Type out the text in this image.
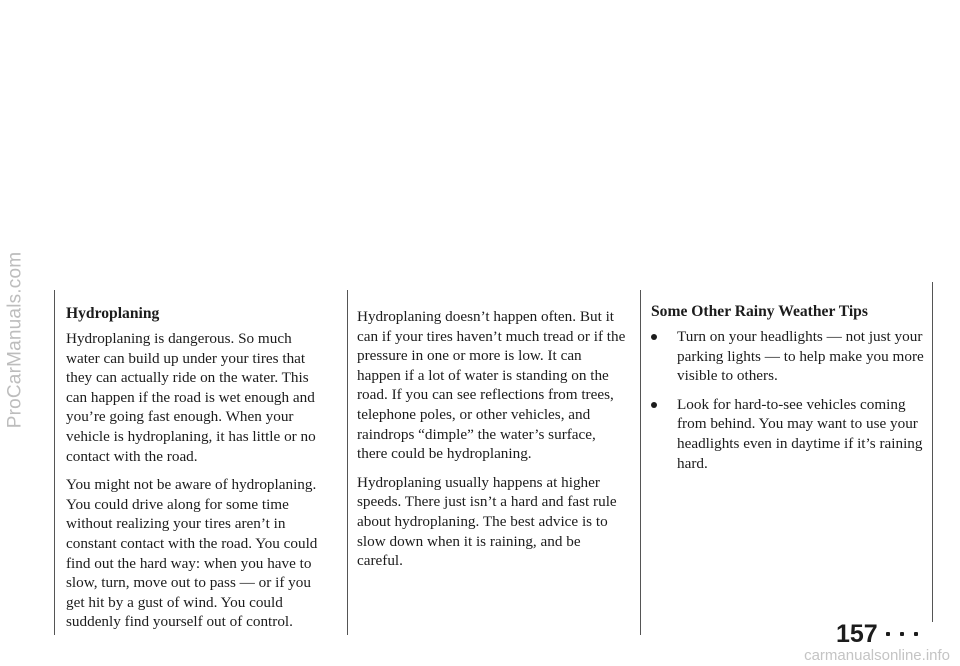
ProCarManuals.com	Hydroplaning

Hydroplaning is dangerous. So much water can build up under your tires that they can actually ride on the water. This can happen if the road is wet enough and you’re going fast enough. When your vehicle is hydroplaning, it has little or no contact with the road.

You might not be aware of hydroplaning. You could drive along for some time without realizing your tires aren’t in constant contact with the road. You could find out the hard way: when you have to slow, turn, move out to pass — or if you get hit by a gust of wind. You could suddenly find yourself out of control.

Hydroplaning doesn’t happen often. But it can if your tires haven’t much tread or if the pressure in one or more is low. It can happen if a lot of water is standing on the road. If you can see reflections from trees, telephone poles, or other vehicles, and raindrops “dimple” the water’s surface, there could be hydroplaning.

Hydroplaning usually happens at higher speeds. There just isn’t a hard and fast rule about hydroplaning. The best advice is to slow down when it is raining, and be careful.

Some Other Rainy Weather Tips
Turn on your headlights — not just your parking lights — to help make you more visible to others.
Look for hard-to-see vehicles coming from behind. You may want to use your headlights even in daytime if it’s raining hard.
157
carmanualsonline.info
